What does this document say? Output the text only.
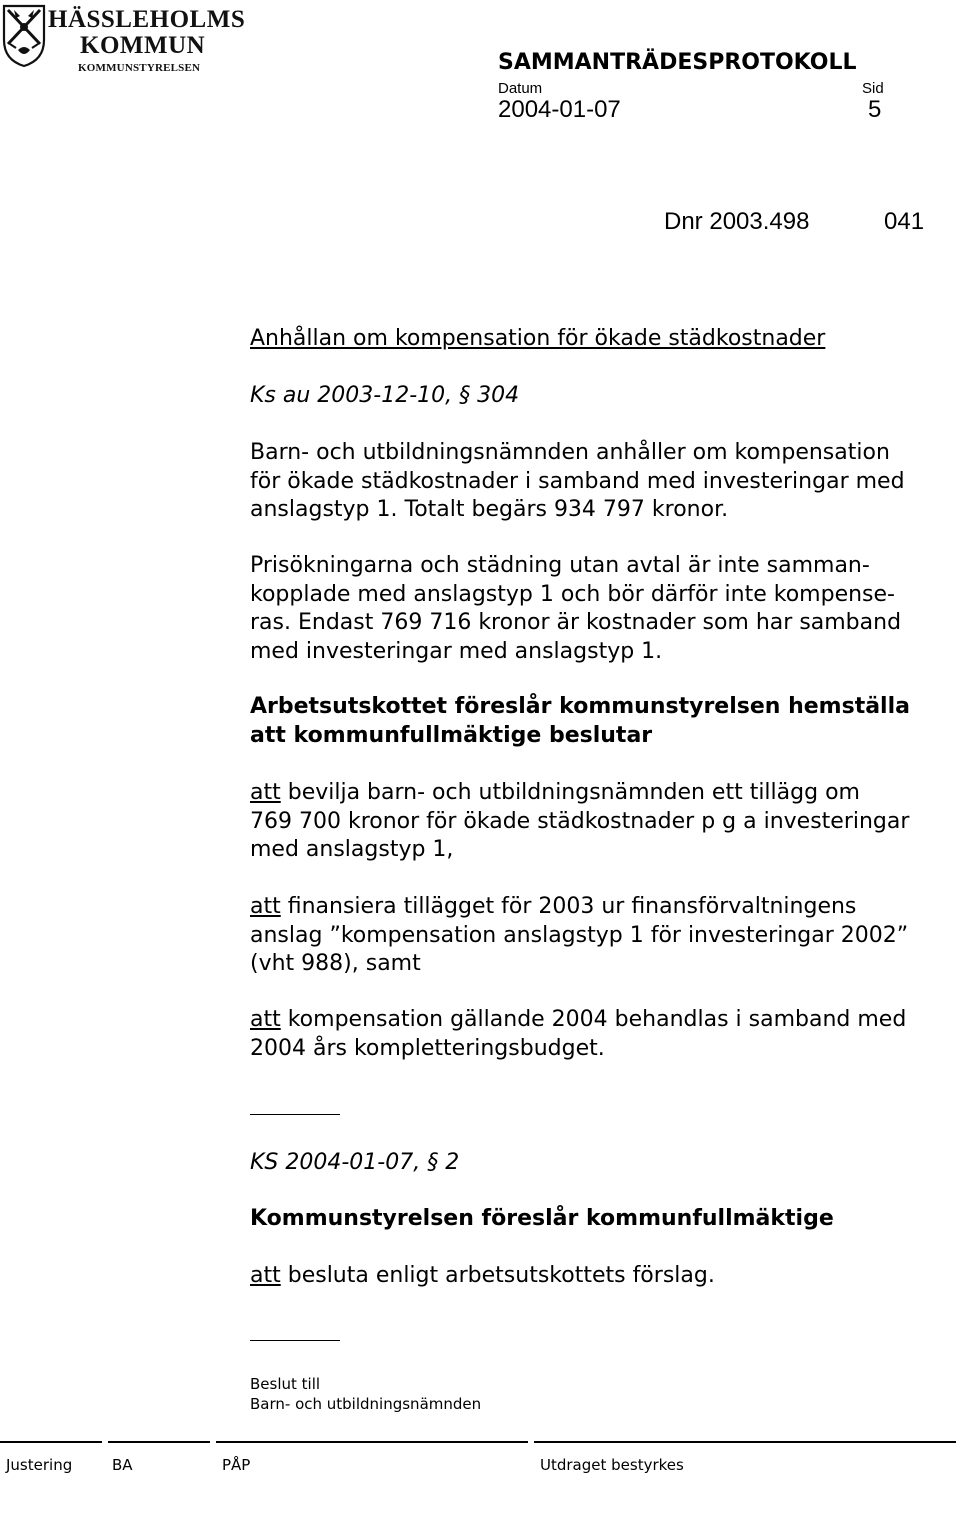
HÄSSLEHOLMS
KOMMUN
KOMMUNSTYRELSEN	SAMMANTRÄDESPROTOKOLL
Datum	Sid
2004-01-07	5
Dnr 2003.498	041
Anhållan om kompensation för ökade städkostnader
Ks au 2003-12-10, § 304
Barn- och utbildningsnämnden anhåller om kompensation
för ökade städkostnader i samband med investeringar med
anslagstyp 1. Totalt begärs 934 797 kronor.
Prisökningarna och städning utan avtal är inte samman-
kopplade med anslagstyp 1 och bör därför inte kompense-
ras. Endast 769 716 kronor är kostnader som har samband
med investeringar med anslagstyp 1.
Arbetsutskottet föreslår kommunstyrelsen hemställa
att kommunfullmäktige beslutar
att bevilja barn- och utbildningsnämnden ett tillägg om
769 700 kronor för ökade städkostnader p g a investeringar
med anslagstyp 1,
att finansiera tillägget för 2003 ur finansförvaltningens
anslag ”kompensation anslagstyp 1 för investeringar 2002”
(vht 988), samt
att kompensation gällande 2004 behandlas i samband med
2004 års kompletteringsbudget.
KS 2004-01-07, § 2
Kommunstyrelsen föreslår kommunfullmäktige
att besluta enligt arbetsutskottets förslag.
Beslut till
Barn- och utbildningsnämnden
Justering	BA	PÅP	Utdraget bestyrkes
